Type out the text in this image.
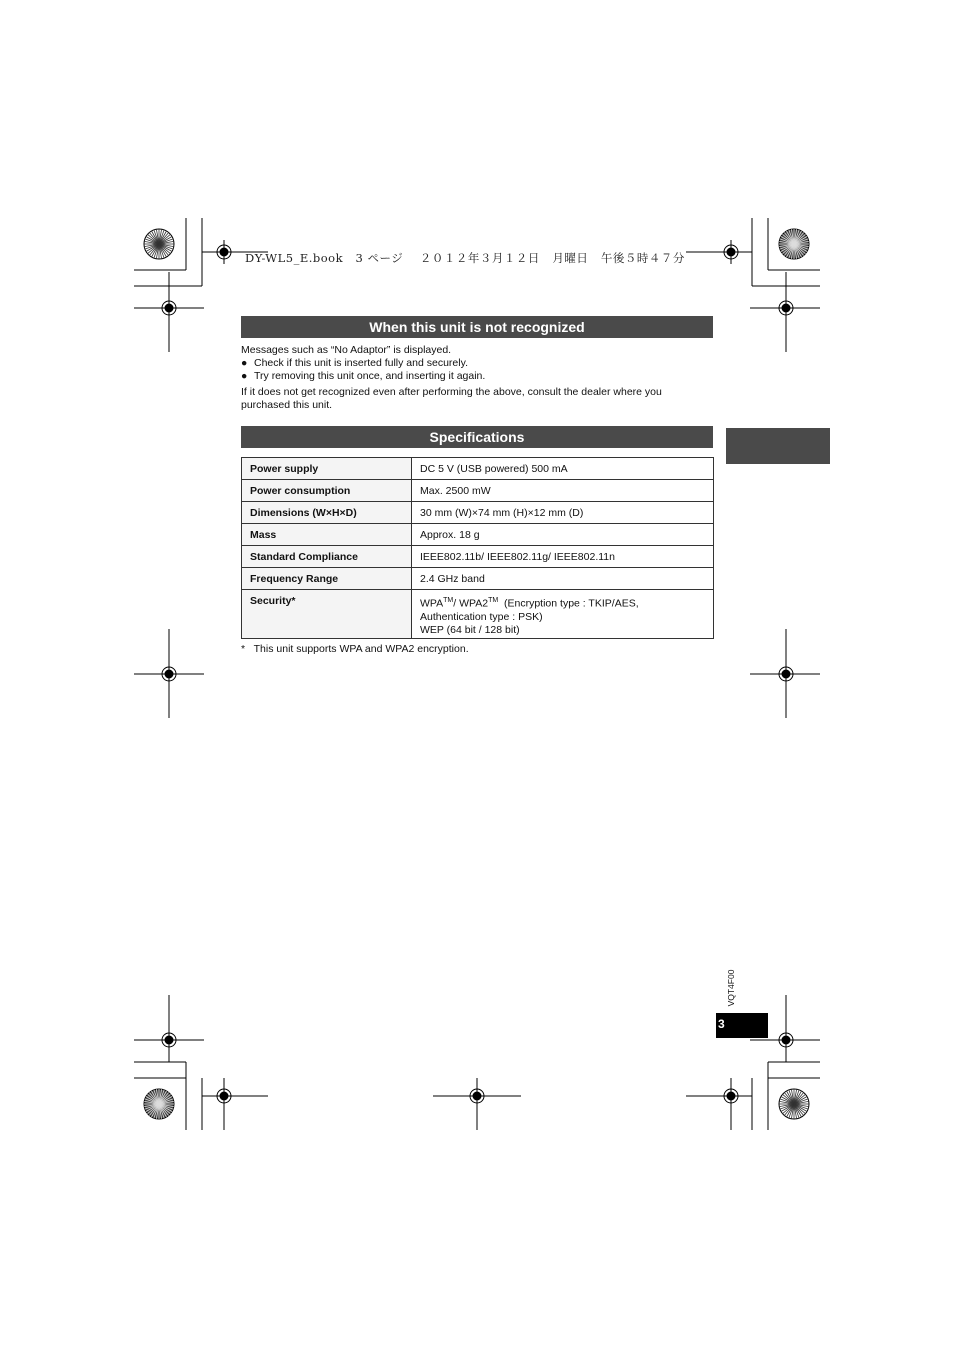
DY-WL5_E.book 3 ページ ２０１２年３月１２日 月曜日 午後５時４７分
When this unit is not recognized
Messages such as “No Adaptor” is displayed.
● Check if this unit is inserted fully and securely.
● Try removing this unit once, and inserting it again.
If it does not get recognized even after performing the above, consult the dealer where you
purchased this unit.
Specifications
Power supply	DC 5 V (USB powered) 500 mA

Power consumption	Max. 2500 mW

Dimensions (W×H×D)	30 mm (W)×74 mm (H)×12 mm (D)

Mass	Approx. 18 g

Standard Compliance	IEEE802.11b/ IEEE802.11g/ IEEE802.11n

Frequency Range	2.4 GHz band

Security*	WPA™/ WPA2™  (Encryption type : TKIP/AES,
Authentication type : PSK)
WEP (64 bit / 128 bit)
*   This unit supports WPA and WPA2 encryption.
VQT4F00
3
